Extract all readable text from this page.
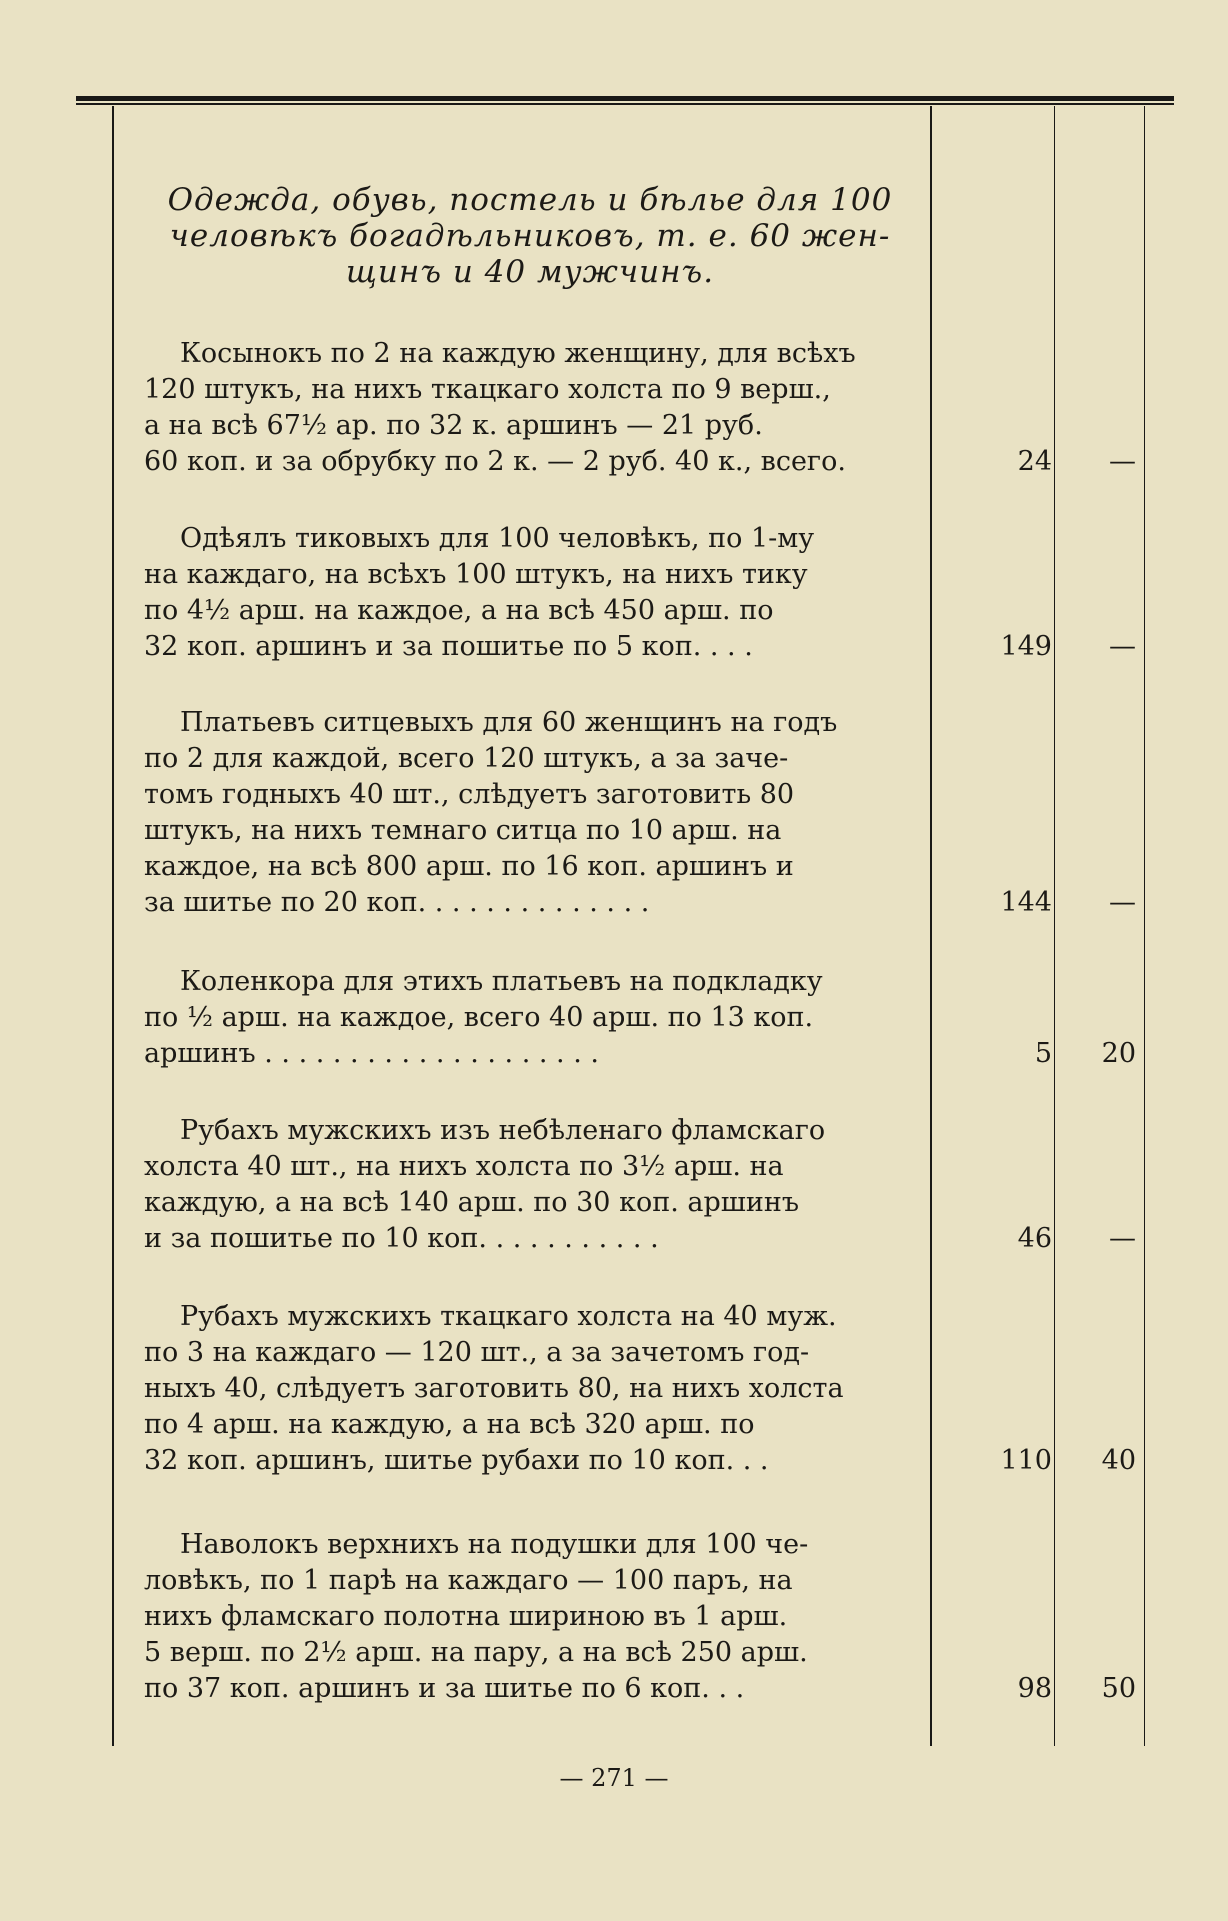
Одежда, обувь, постель и бѣлье для 100
человѣкъ богадѣльниковъ, т. е. 60 жен-
щинъ и 40 мужчинъ.
Косынокъ по 2 на каждую женщину, для всѣхъ
120 штукъ, на нихъ ткацкаго холста по 9 верш.,
а на всѣ 67½ ар. по 32 к. аршинъ — 21 руб.
60 коп. и за обрубку по 2 к. — 2 руб. 40 к., всего.	24	—
Одѣялъ тиковыхъ для 100 человѣкъ, по 1-му
на каждаго, на всѣхъ 100 штукъ, на нихъ тику
по 4½ арш. на каждое, а на всѣ 450 арш. по
32 коп. аршинъ и за пошитье по 5 коп. . . .	149	—
Платьевъ ситцевыхъ для 60 женщинъ на годъ
по 2 для каждой, всего 120 штукъ, а за заче-
томъ годныхъ 40 шт., слѣдуетъ заготовить 80
штукъ, на нихъ темнаго ситца по 10 арш. на
каждое, на всѣ 800 арш. по 16 коп. аршинъ и
за шитье по 20 коп. . . . . . . . . . . . . .	144	—
Коленкора для этихъ платьевъ на подкладку
по ½ арш. на каждое, всего 40 арш. по 13 коп.
аршинъ . . . . . . . . . . . . . . . . . . . .	5	20
Рубахъ мужскихъ изъ небѣленаго фламскаго
холста 40 шт., на нихъ холста по 3½ арш. на
каждую, а на всѣ 140 арш. по 30 коп. аршинъ
и за пошитье по 10 коп. . . . . . . . . . .	46	—
Рубахъ мужскихъ ткацкаго холста на 40 муж.
по 3 на каждаго — 120 шт., а за зачетомъ год-
ныхъ 40, слѣдуетъ заготовить 80, на нихъ холста
по 4 арш. на каждую, а на всѣ 320 арш. по
32 коп. аршинъ, шитье рубахи по 10 коп. . .	110	40
Наволокъ верхнихъ на подушки для 100 че-
ловѣкъ, по 1 парѣ на каждаго — 100 паръ, на
нихъ фламскаго полотна шириною въ 1 арш.
5 верш. по 2½ арш. на пару, а на всѣ 250 арш.
по 37 коп. аршинъ и за шитье по 6 коп. . .	98	50
— 271 —
